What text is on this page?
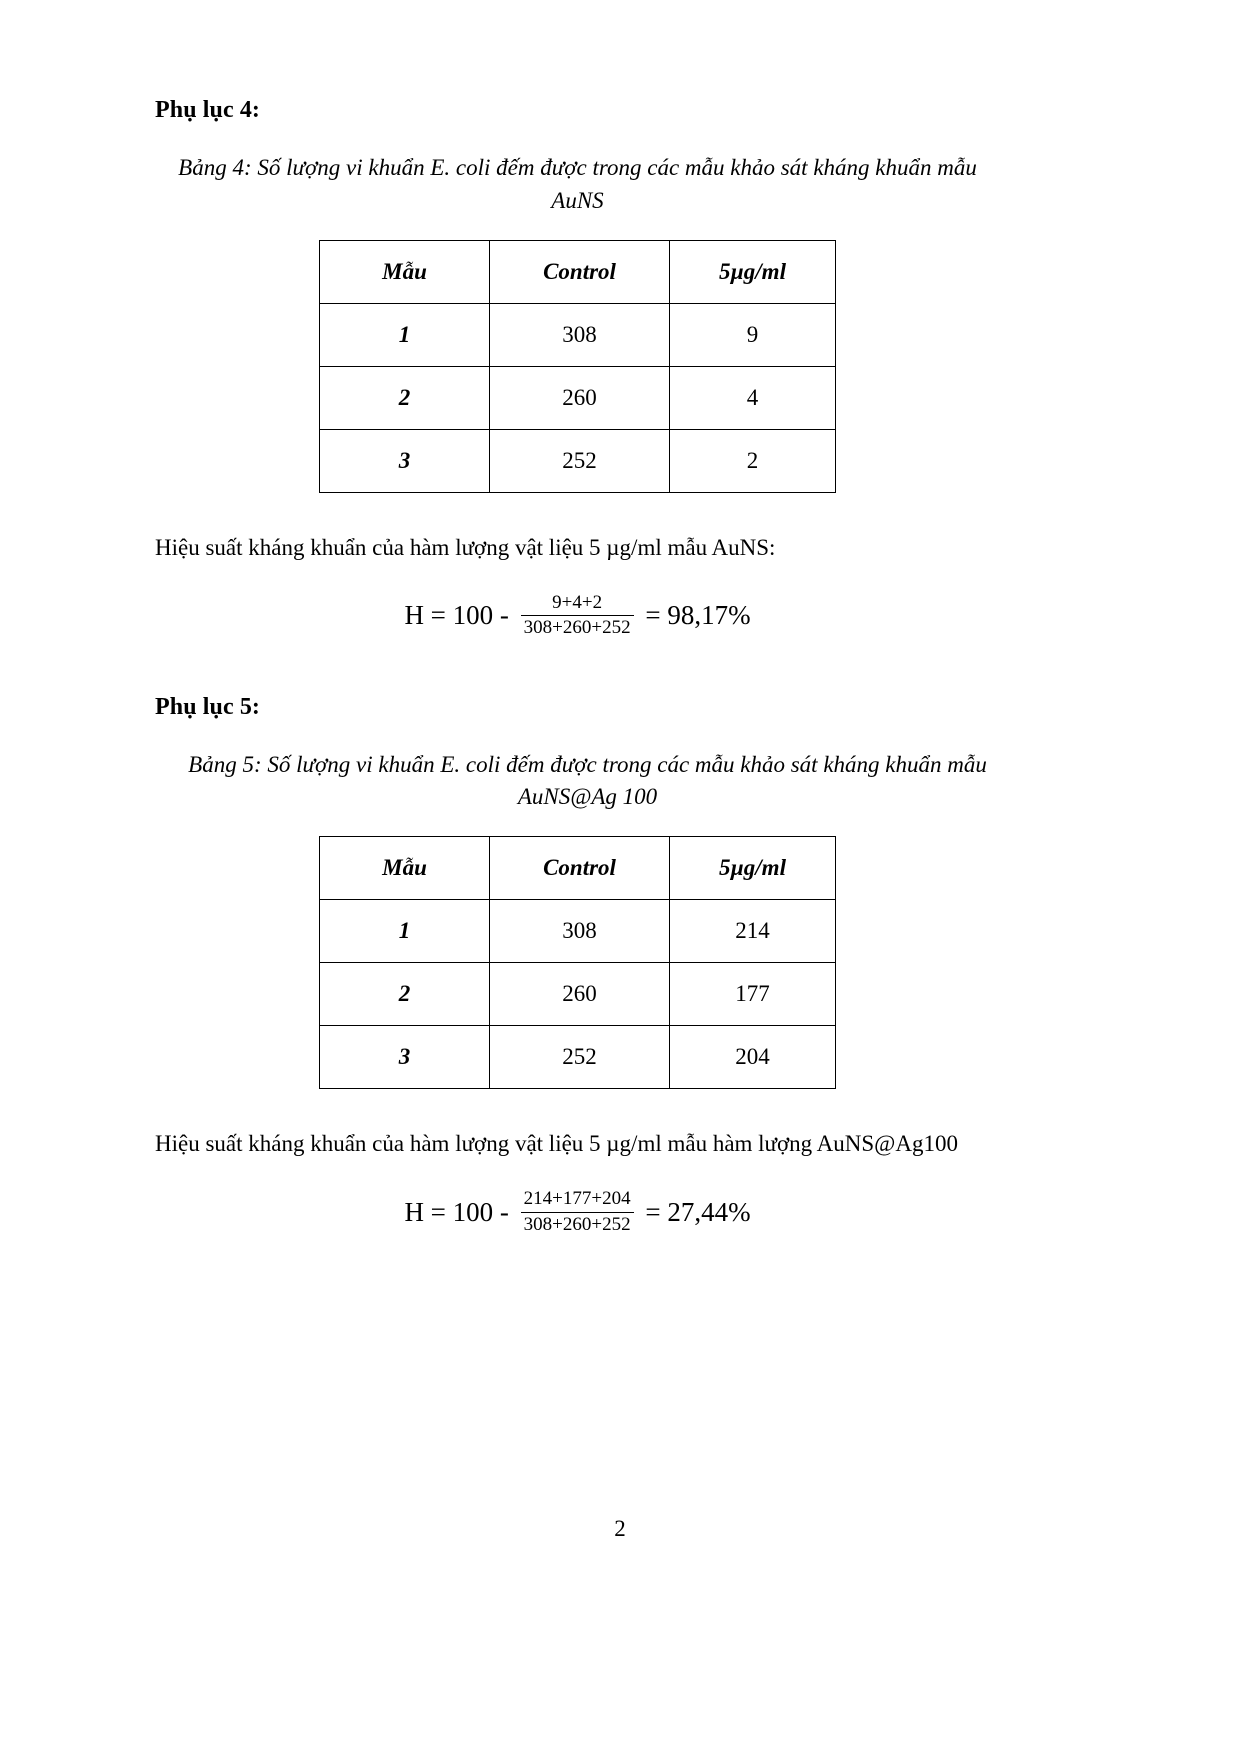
Phụ lục 4:

Bảng 4: Số lượng vi khuẩn E. coli đếm được trong các mẫu khảo sát kháng khuẩn mẫu AuNS

Mẫu	Control	5µg/ml
1	308	9
2	260	4
3	252	2

Hiệu suất kháng khuẩn của hàm lượng vật liệu 5 µg/ml mẫu AuNS:

$H = 100 - \frac{9+4+2}{308+260+252} = 98,17\%$

Phụ lục 5:

Bảng 5: Số lượng vi khuẩn E. coli đếm được trong các mẫu khảo sát kháng khuẩn mẫu AuNS@Ag 100

Mẫu	Control	5µg/ml
1	308	214
2	260	177
3	252	204

Hiệu suất kháng khuẩn của hàm lượng vật liệu 5 µg/ml mẫu hàm lượng AuNS@Ag100

$H = 100 - \frac{214+177+204}{308+260+252} = 27,44\%$
2
